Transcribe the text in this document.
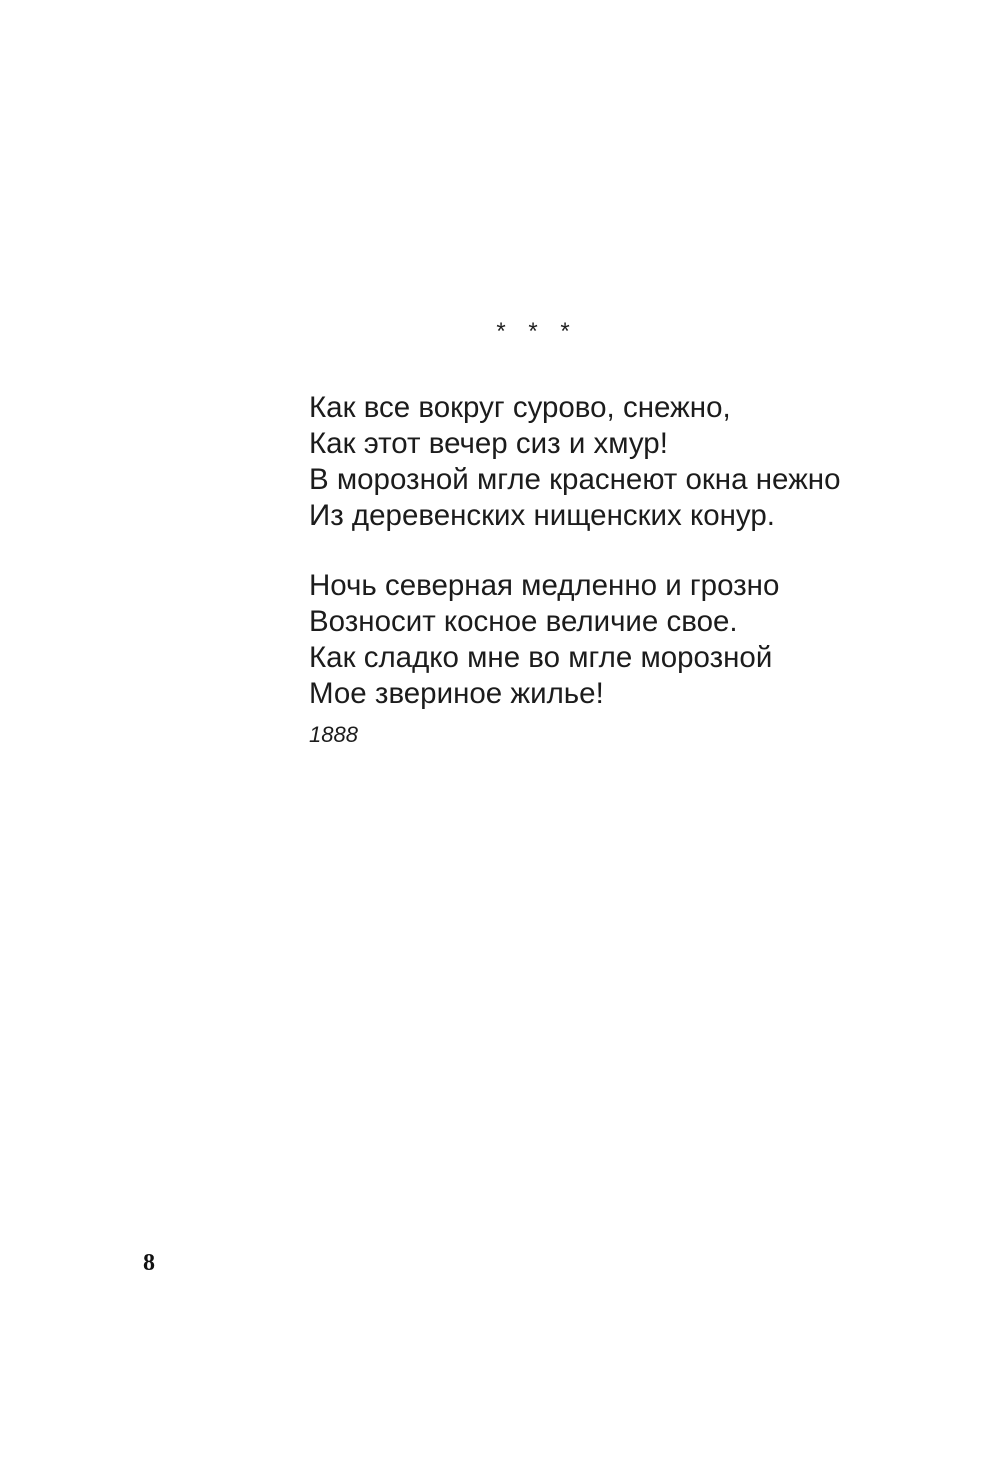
* * *
Как все вокруг сурово, снежно,
Как этот вечер сиз и хмур!
В морозной мгле краснеют окна нежно
Из деревенских нищенских конур.
Ночь северная медленно и грозно
Возносит косное величие свое.
Как сладко мне во мгле морозной
Мое звериное жилье!
1888
8
